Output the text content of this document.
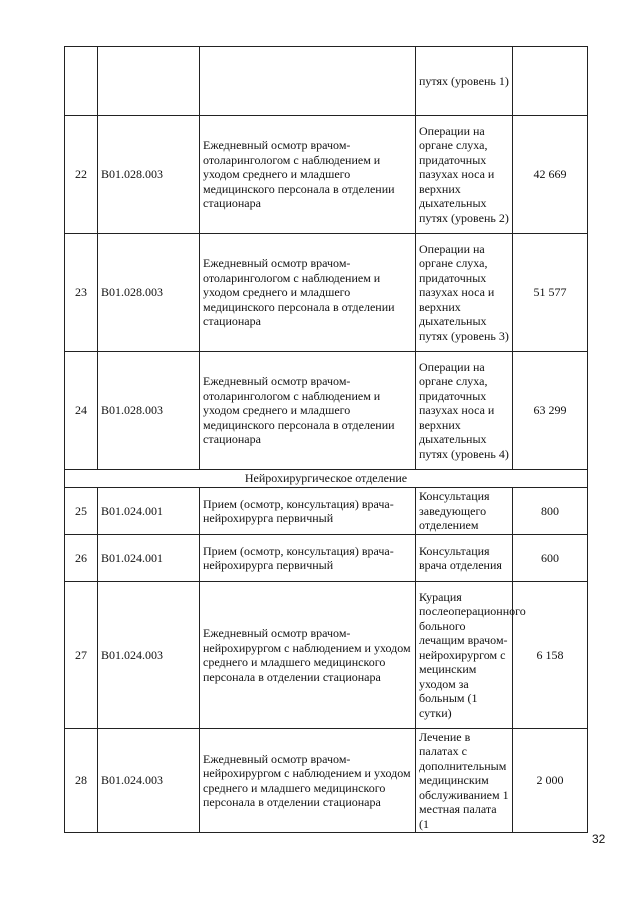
			путях (уровень 1)	
22	В01.028.003	Ежедневный осмотр врачом-отоларингологом с наблюдением и уходом среднего и младшего медицинского персонала в отделении стационара	Операции на органе слуха, придаточных пазухах носа и верхних дыхательных путях (уровень 2)	42 669
23	В01.028.003	Ежедневный осмотр врачом-отоларингологом с наблюдением и уходом среднего и младшего медицинского персонала в отделении стационара	Операции на органе слуха, придаточных пазухах носа и верхних дыхательных путях (уровень 3)	51 577
24	В01.028.003	Ежедневный осмотр врачом-отоларингологом с наблюдением и уходом среднего и младшего медицинского персонала в отделении стационара	Операции на органе слуха, придаточных пазухах носа и верхних дыхательных путях (уровень 4)	63 299
Нейрохирургическое отделение				
25	В01.024.001	Прием (осмотр, консультация) врача-нейрохирурга первичный	Консультация заведующего отделением	800
26	В01.024.001	Прием (осмотр, консультация) врача-нейрохирурга первичный	Консультация врача отделения	600
27	В01.024.003	Ежедневный осмотр врачом-нейрохирургом с наблюдением и уходом среднего и младшего медицинского персонала в отделении стационара	Курация послеоперационного больного лечащим врачом-нейрохирургом с мецинским уходом за больным (1 сутки)	6 158
28	В01.024.003	Ежедневный осмотр врачом-нейрохирургом с наблюдением и уходом среднего и младшего медицинского персонала в отделении стационара	Лечение в палатах с дополнительным медицинским обслуживанием 1 местная палата (1	2 000
32
